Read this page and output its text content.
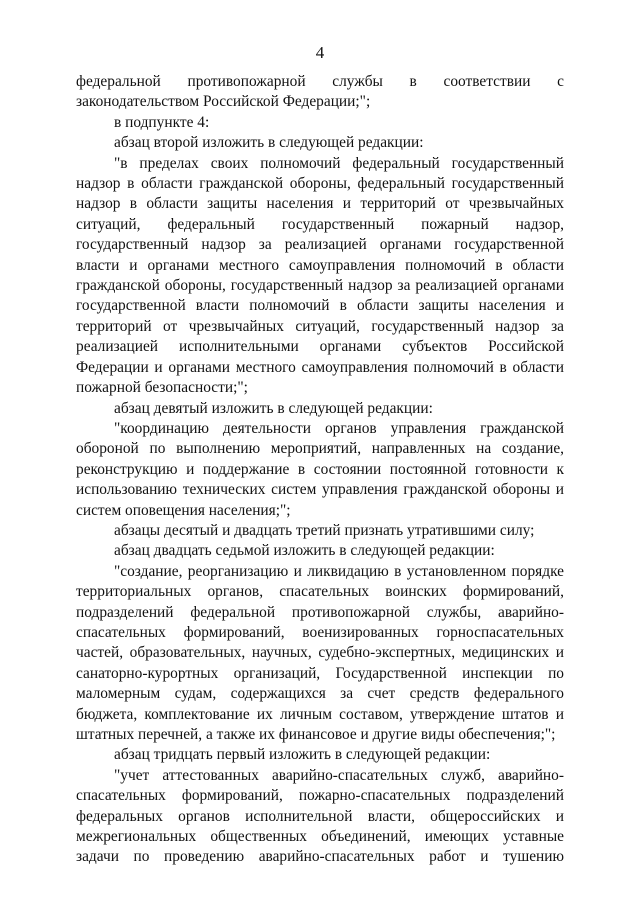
4

федеральной противопожарной службы в соответствии с законодательством Российской Федерации;";

в подпункте 4:

абзац второй изложить в следующей редакции:

"в пределах своих полномочий федеральный государственный надзор в области гражданской обороны, федеральный государственный надзор в области защиты населения и территорий от чрезвычайных ситуаций, федеральный государственный пожарный надзор, государственный надзор за реализацией органами государственной власти и органами местного самоуправления полномочий в области гражданской обороны, государственный надзор за реализацией органами государственной власти полномочий в области защиты населения и территорий от чрезвычайных ситуаций, государственный надзор за реализацией исполнительными органами субъектов Российской Федерации и органами местного самоуправления полномочий в области пожарной безопасности;";

абзац девятый изложить в следующей редакции:

"координацию деятельности органов управления гражданской обороной по выполнению мероприятий, направленных на создание, реконструкцию и поддержание в состоянии постоянной готовности к использованию технических систем управления гражданской обороны и систем оповещения населения;";

абзацы десятый и двадцать третий признать утратившими силу;

абзац двадцать седьмой изложить в следующей редакции:

"создание, реорганизацию и ликвидацию в установленном порядке территориальных органов, спасательных воинских формирований, подразделений федеральной противопожарной службы, аварийно-спасательных формирований, военизированных горноспасательных частей, образовательных, научных, судебно-экспертных, медицинских и санаторно-курортных организаций, Государственной инспекции по маломерным судам, содержащихся за счет средств федерального бюджета, комплектование их личным составом, утверждение штатов и штатных перечней, а также их финансовое и другие виды обеспечения;";

абзац тридцать первый изложить в следующей редакции:

"учет аттестованных аварийно-спасательных служб, аварийно-спасательных формирований, пожарно-спасательных подразделений федеральных органов исполнительной власти, общероссийских и межрегиональных общественных объединений, имеющих уставные задачи по проведению аварийно-спасательных работ и тушению
